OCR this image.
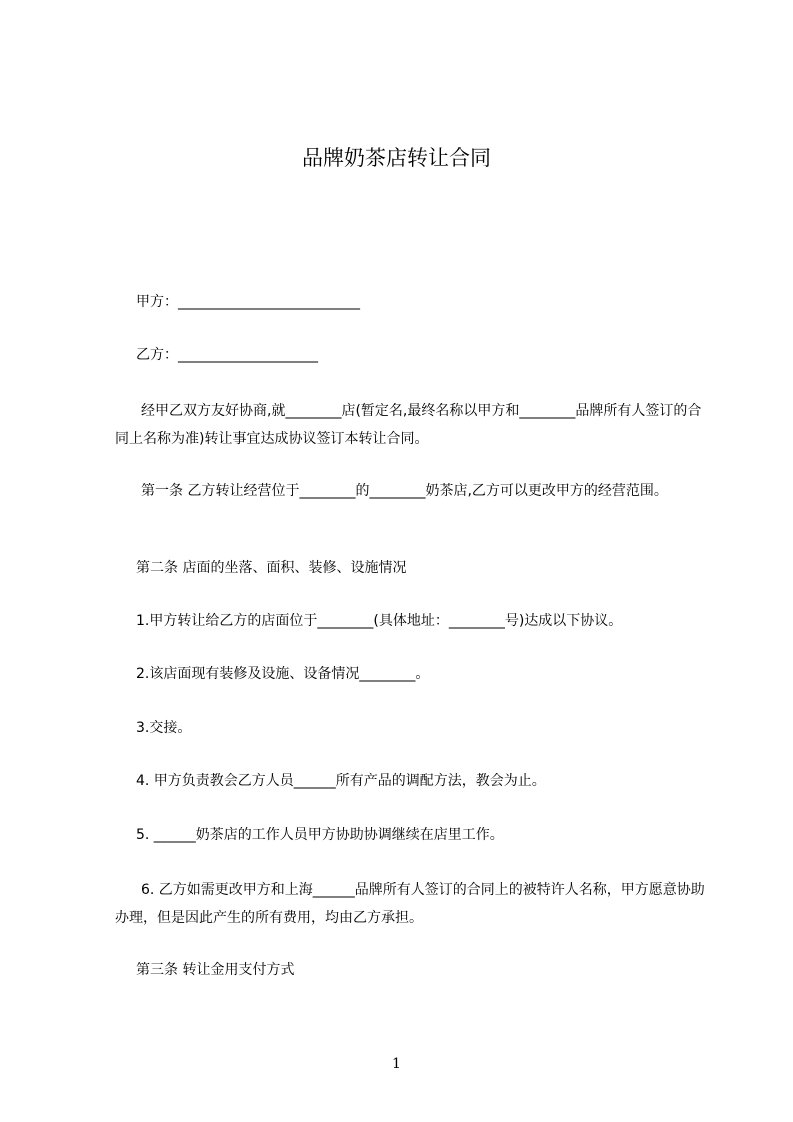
品牌奶茶店转让合同
甲方：__________________________
乙方：____________________
经甲乙双方友好协商,就________店(暂定名,最终名称以甲方和________品牌所有人签订的合同上名称为准)转让事宜达成协议签订本转让合同。
第一条 乙方转让经营位于________的________奶茶店,乙方可以更改甲方的经营范围。
第二条 店面的坐落、面积、装修、设施情况
1.甲方转让给乙方的店面位于________(具体地址：________号)达成以下协议。
2.该店面现有装修及设施、设备情况________。
3.交接。
4. 甲方负责教会乙方人员______所有产品的调配方法，教会为止。
5. ______奶茶店的工作人员甲方协助协调继续在店里工作。
6. 乙方如需更改甲方和上海______品牌所有人签订的合同上的被特许人名称，甲方愿意协助办理，但是因此产生的所有费用，均由乙方承担。
第三条 转让金用支付方式
1
